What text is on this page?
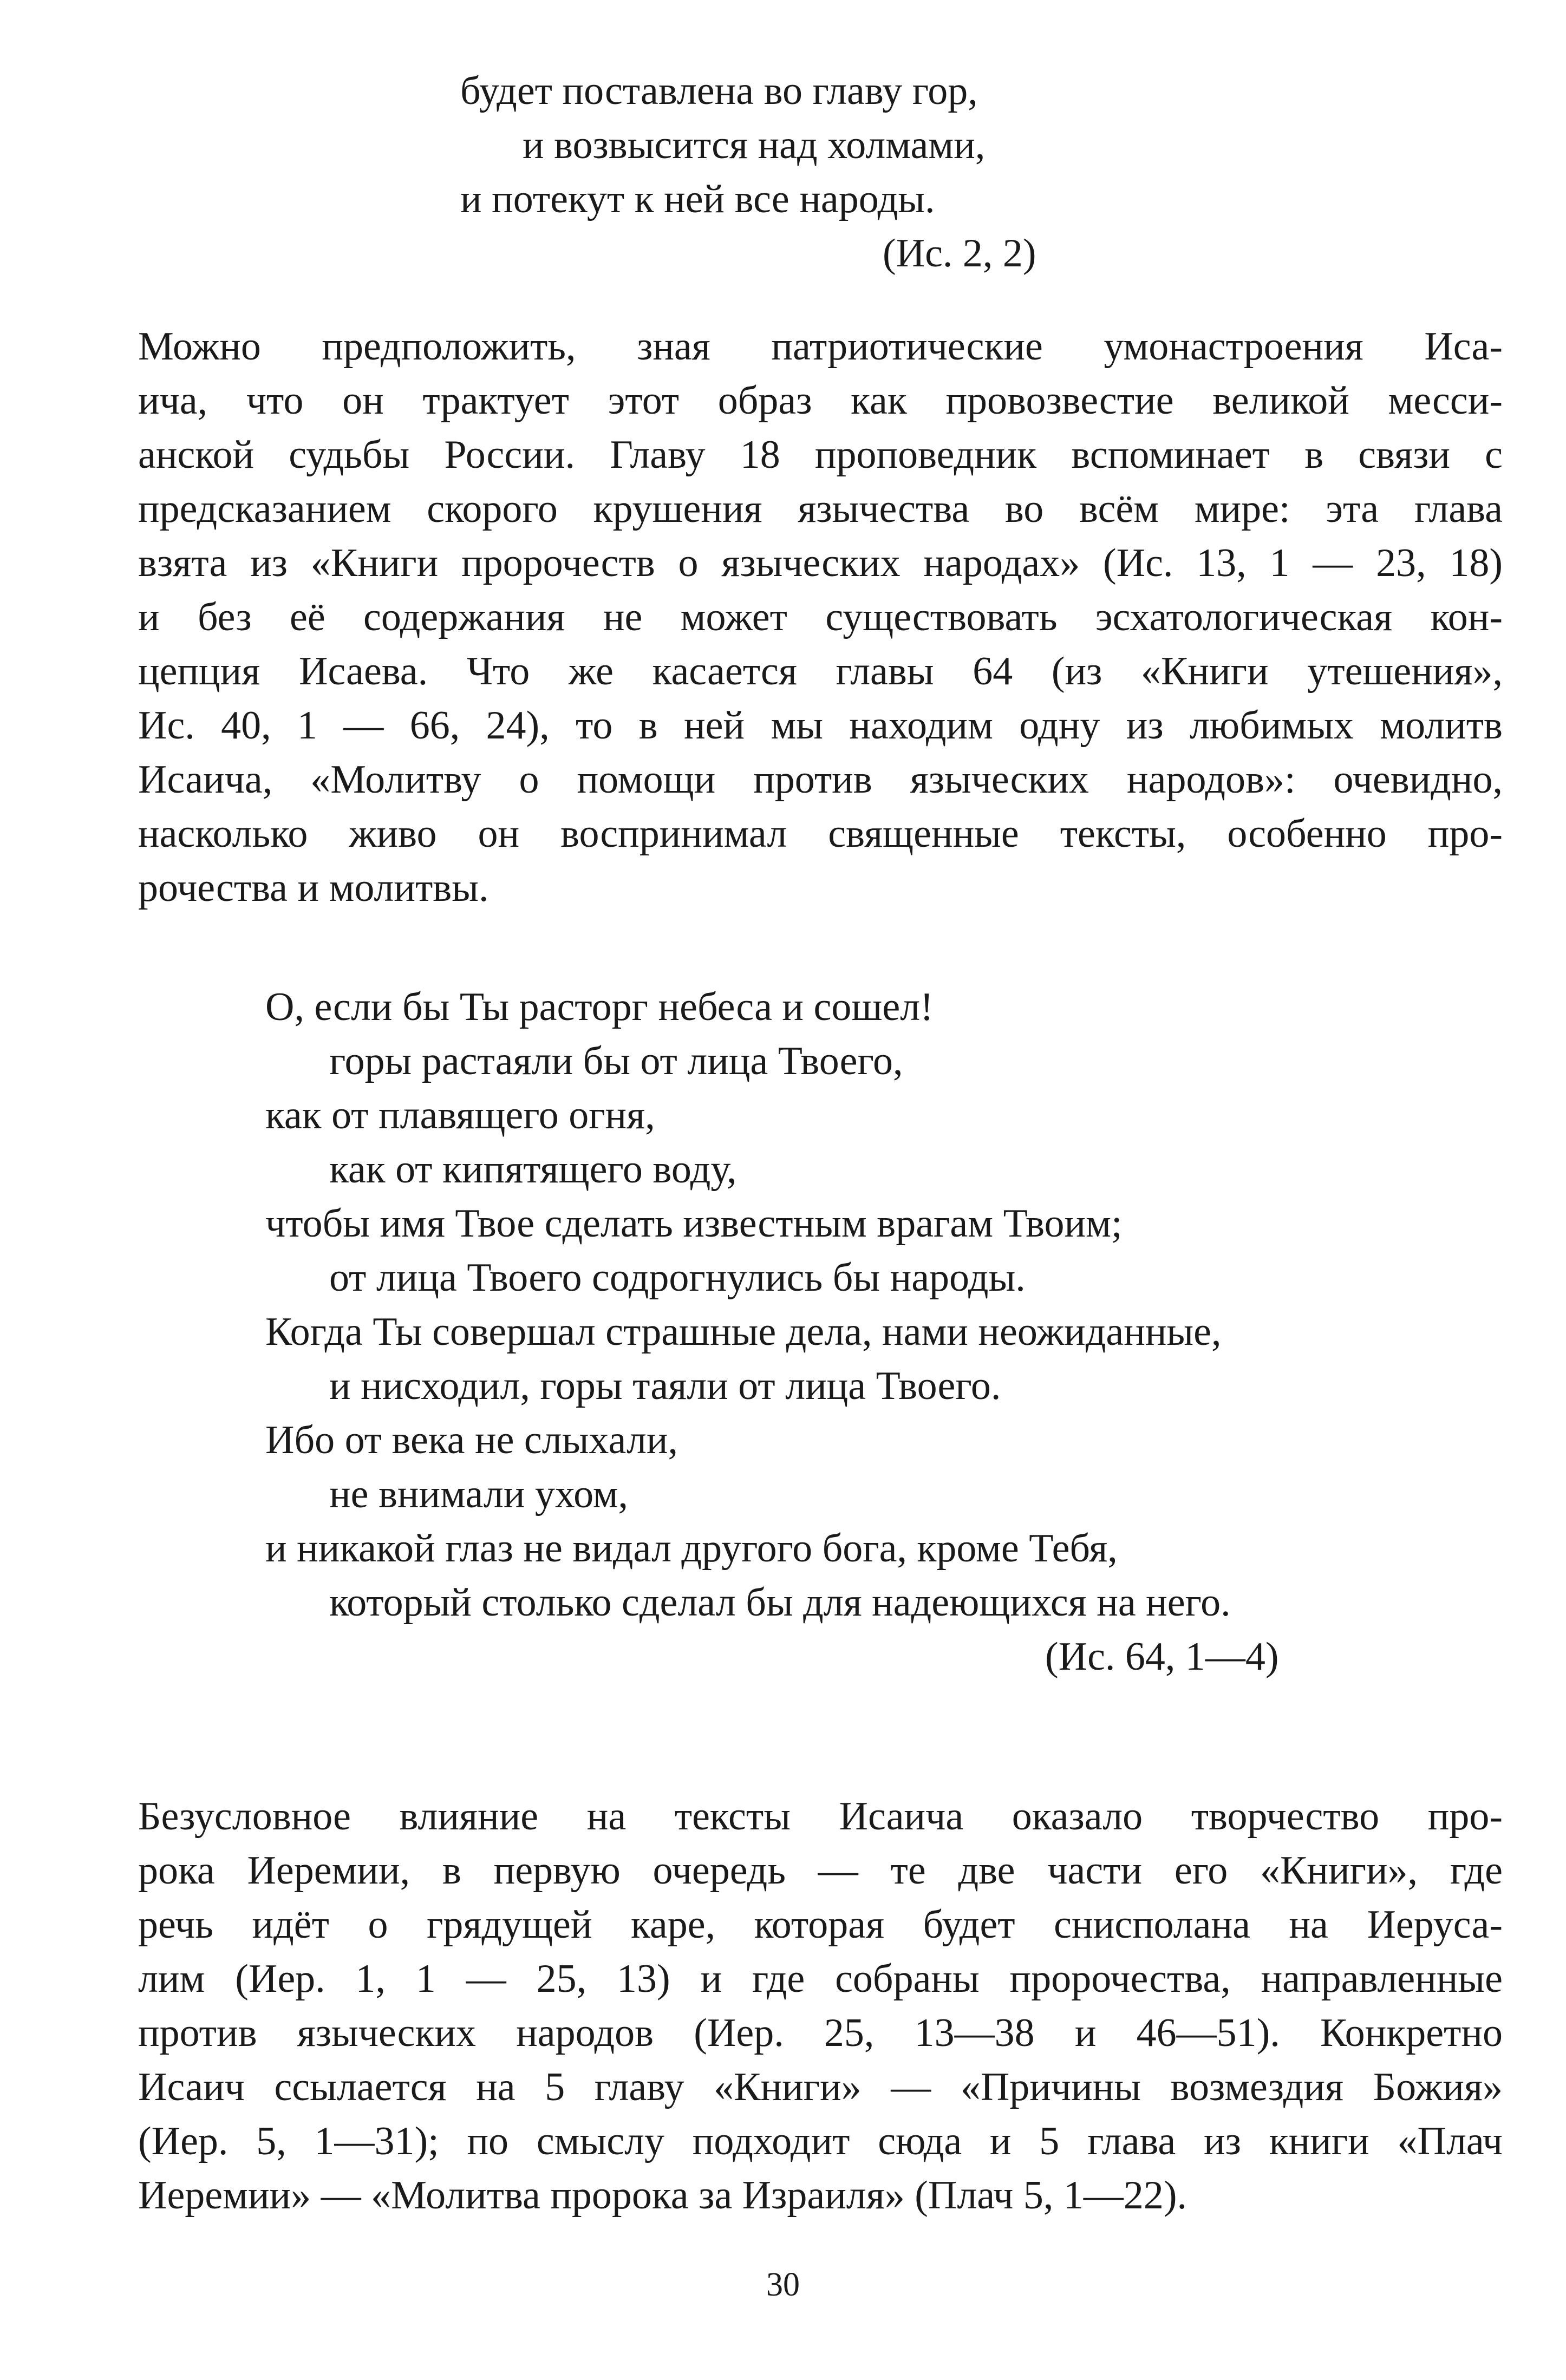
будет поставлена во главу гор,
и возвысится над холмами,
и потекут к ней все народы.
(Ис. 2, 2)
Можно предположить, зная патриотические умонастроения Иса-
ича, что он трактует этот образ как провозвестие великой месси-
анской судьбы России. Главу 18 проповедник вспоминает в связи с
предсказанием скорого крушения язычества во всём мире: эта глава
взята из «Книги пророчеств о языческих народах» (Ис. 13, 1 — 23, 18)
и без её содержания не может существовать эсхатологическая кон-
цепция Исаева. Что же касается главы 64 (из «Книги утешения»,
Ис. 40, 1 — 66, 24), то в ней мы находим одну из любимых молитв
Исаича, «Молитву о помощи против языческих народов»: очевидно,
насколько живо он воспринимал священные тексты, особенно про-
рочества и молитвы.
О, если бы Ты расторг небеса и сошел!
горы растаяли бы от лица Твоего,
как от плавящего огня,
как от кипятящего воду,
чтобы имя Твое сделать известным врагам Твоим;
от лица Твоего содрогнулись бы народы.
Когда Ты совершал страшные дела, нами неожиданные,
и нисходил, горы таяли от лица Твоего.
Ибо от века не слыхали,
не внимали ухом,
и никакой глаз не видал другого бога, кроме Тебя,
который столько сделал бы для надеющихся на него.
(Ис. 64, 1—4)
Безусловное влияние на тексты Исаича оказало творчество про-
рока Иеремии, в первую очередь — те две части его «Книги», где
речь идёт о грядущей каре, которая будет снисполана на Иеруса-
лим (Иер. 1, 1 — 25, 13) и где собраны пророчества, направленные
против языческих народов (Иер. 25, 13—38 и 46—51). Конкретно
Исаич ссылается на 5 главу «Книги» — «Причины возмездия Божия»
(Иер. 5, 1—31); по смыслу подходит сюда и 5 глава из книги «Плач
Иеремии» — «Молитва пророка за Израиля» (Плач 5, 1—22).
30
